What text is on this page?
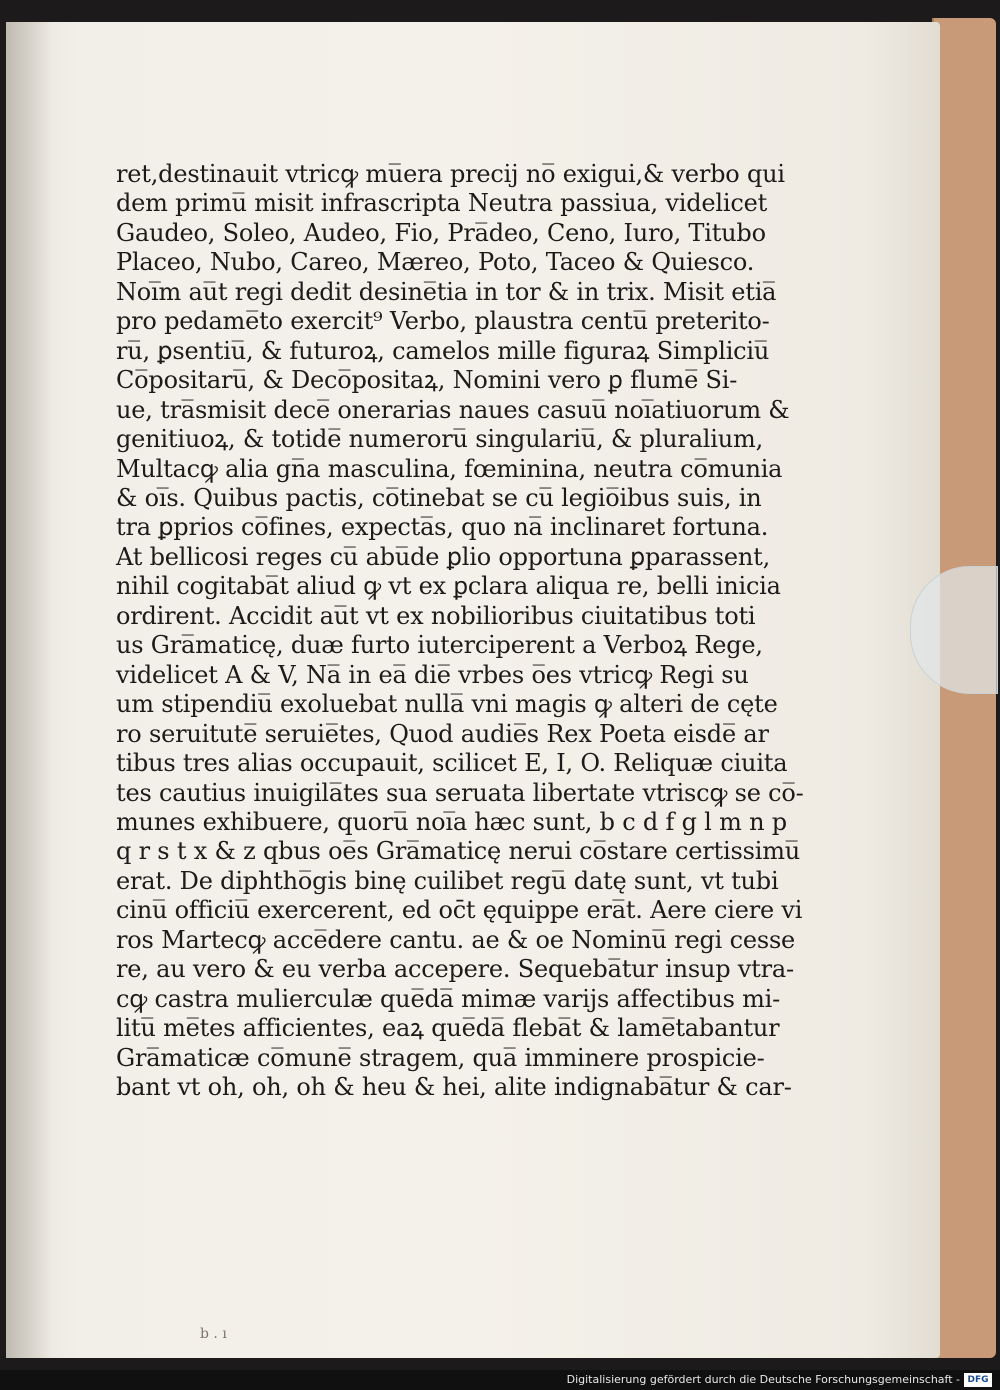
ret,destinauit vtricꝙ mu̅era precij no̅ exigui,& verbo qui
dem primu̅ misit infrascripta Neutra passiua, videlicet
Gaudeo, Soleo, Audeo, Fio, Pra̅deo, Ceno, Iuro, Titubo
Placeo, Nubo, Careo, Mæreo, Poto, Taceo & Quiesco.
Noi̅m au̅t regi dedit desine̅tia in tor & in trix. Misit etia̅
pro pedame̅to exercit⁹ Verbo, plaustra centu̅ preterito-
ru̅, ꝑsentiu̅, & futuroꝝ, camelos mille figuraꝝ Simpliciu̅
Co̅positaru̅, & Deco̅positaꝝ, Nomini vero ꝑ flume̅ Si-
ue, tra̅smisit dece̅ onerarias naues casuu̅ noi̅atiuorum &
genitiuoꝝ, & totide̅ numeroru̅ singulariu̅, & pluralium,
Multacꝙ alia gn̅a masculina, fœminina, neutra co̅munia
& oi̅s. Quibus pactis, co̅tinebat se cu̅ legio̅ibus suis, in
tra ꝑprios co̅fines, expecta̅s, quo na̅ inclinaret fortuna.
At bellicosi reges cu̅ abu̅de ꝑlio opportuna ꝑparassent,
nihil cogitaba̅t aliud ꝙ vt ex ꝑclara aliqua re, belli inicia
ordirent. Accidit au̅t vt ex nobilioribus ciuitatibus toti
us Gra̅maticę, duæ furto iuterciperent a Verboꝝ Rege,
videlicet A & V, Na̅ in ea̅ die̅ vrbes o̅es vtricꝙ Regi su
um stipendiu̅ exoluebat nulla̅ vni magis ꝙ alteri de cęte
ro seruitute̅ seruie̅tes, Quod audie̅s Rex Poeta eisde̅ ar
tibus tres alias occupauit, scilicet E, I, O. Reliquæ ciuita
tes cautius inuigila̅tes sua seruata libertate vtriscꝙ se co̅-
munes exhibuere, quoru̅ noi̅a hæc sunt, b c d f g l m n p
q r s t x & z qbus oe̅s Gra̅maticę nerui co̅stare certissimu̅
erat. De diphtho̅gis binę cuilibet regu̅ datę sunt, vt tubi
cinu̅ officiu̅ exercerent, ed oc̄t ęquippe era̅t. Aere ciere vi
ros Martecꝙ acce̅dere cantu. ae & oe Nominu̅ regi cesse
re, au vero & eu verba accepere. Sequeba̅tur insup vtra-
cꝙ castra mulierculæ que̅da̅ mimæ varijs affectibus mi-
litu̅ me̅tes afficientes, eaꝝ que̅da̅ fleba̅t & lame̅tabantur
Gra̅maticæ co̅mune̅ stragem, qua̅ imminere prospicie-
bant vt oh, oh, oh & heu & hei, alite indignaba̅tur & car-
b . ı
Digitalisierung gefördert durch die Deutsche Forschungsgemeinschaft - DFG
